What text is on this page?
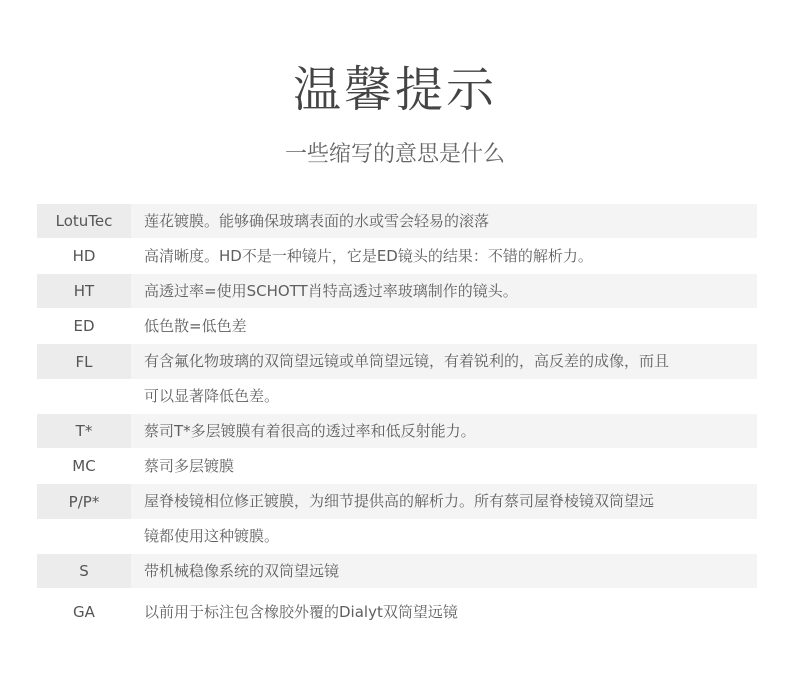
温馨提示
一些缩写的意思是什么
LotuTec	莲花镀膜。能够确保玻璃表面的水或雪会轻易的滚落
HD	高清晰度。HD不是一种镜片，它是ED镜头的结果：不错的解析力。
HT	高透过率=使用SCHOTT肖特高透过率玻璃制作的镜头。
ED	低色散=低色差
FL	有含氟化物玻璃的双筒望远镜或单筒望远镜，有着锐利的，高反差的成像，而且
可以显著降低色差。
T*	蔡司T*多层镀膜有着很高的透过率和低反射能力。
MC	蔡司多层镀膜
P/P*	屋脊棱镜相位修正镀膜，为细节提供高的解析力。所有蔡司屋脊棱镜双筒望远
镜都使用这种镀膜。
S	带机械稳像系统的双筒望远镜
GA	以前用于标注包含橡胶外覆的Dialyt双筒望远镜
